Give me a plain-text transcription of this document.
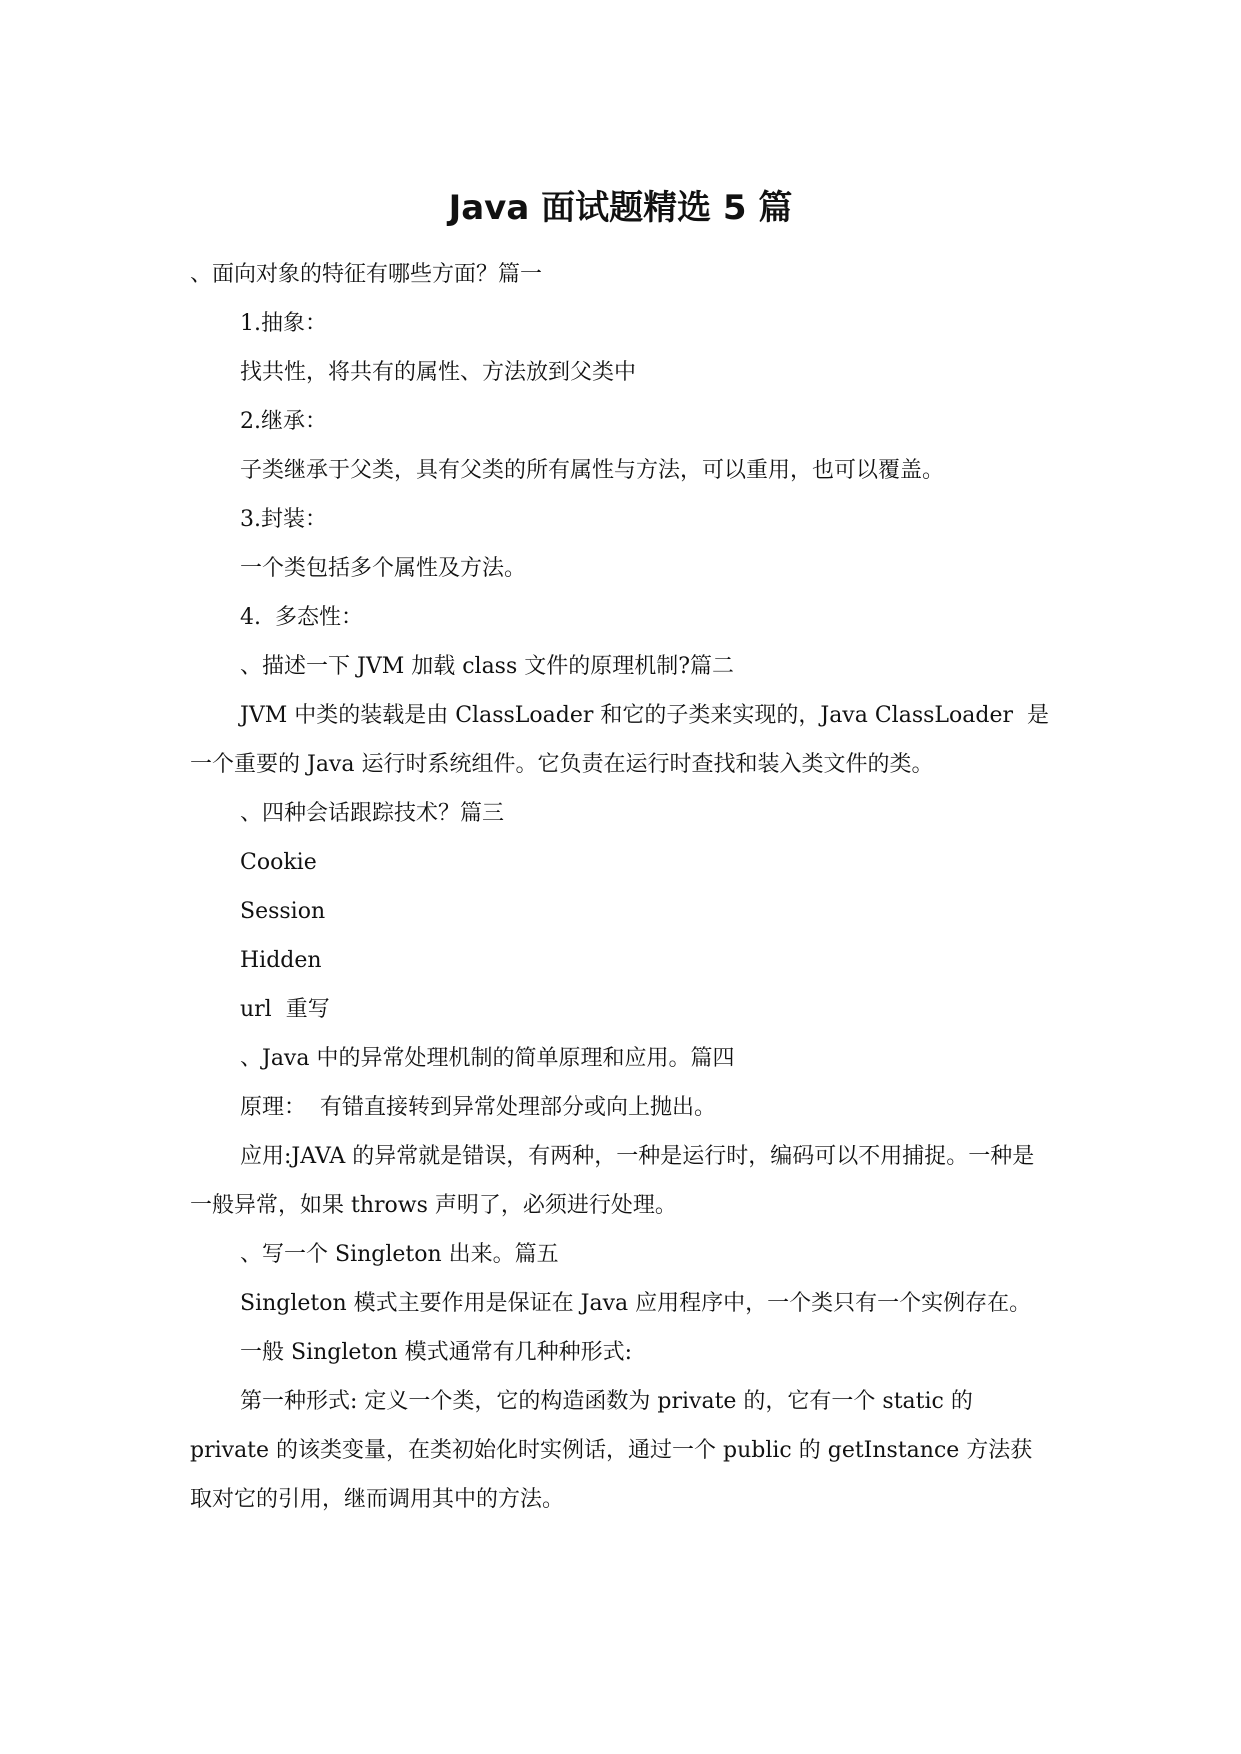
Java 面试题精选 5 篇

、面向对象的特征有哪些方面？篇一

1.抽象：

找共性，将共有的属性、方法放到父类中

2.继承：

子类继承于父类，具有父类的所有属性与方法，可以重用，也可以覆盖。

3.封装：

一个类包括多个属性及方法。

4.  多态性：

、描述一下 JVM 加载 class 文件的原理机制?篇二

JVM 中类的装载是由 ClassLoader 和它的子类来实现的，Java ClassLoader  是一个重要的 Java 运行时系统组件。它负责在运行时查找和装入类文件的类。

、四种会话跟踪技术？篇三

Cookie

Session

Hidden

url  重写

、Java 中的异常处理机制的简单原理和应用。篇四

原理：  有错直接转到异常处理部分或向上抛出。

应用:JAVA 的异常就是错误，有两种，一种是运行时，编码可以不用捕捉。一种是一般异常，如果 throws 声明了，必须进行处理。

、写一个 Singleton 出来。篇五

Singleton 模式主要作用是保证在 Java 应用程序中，一个类只有一个实例存在。

一般 Singleton 模式通常有几种种形式:

第一种形式: 定义一个类，它的构造函数为 private 的，它有一个 static 的 private 的该类变量，在类初始化时实例话，通过一个 public 的 getInstance 方法获取对它的引用，继而调用其中的方法。
